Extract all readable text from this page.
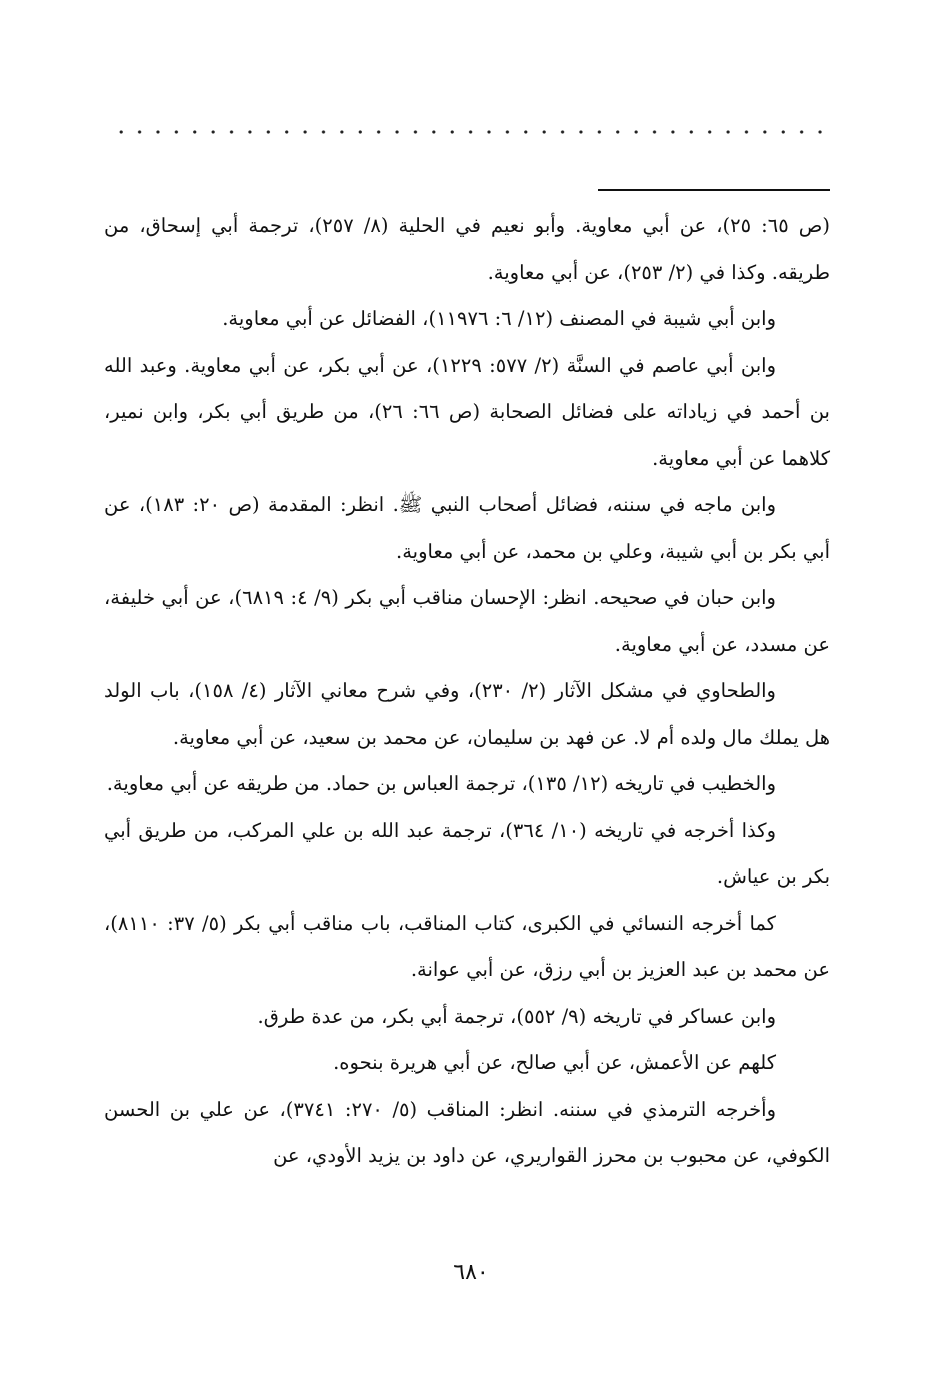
(ص ٦٥: ٢٥)، عن أبي معاوية. وأبو نعيم في الحلية (٨/ ٢٥٧)، ترجمة أبي إسحاق، من طريقه. وكذا في (٢/ ٢٥٣)، عن أبي معاوية.

وابن أبي شيبة في المصنف (١٢/ ٦: ١١٩٧٦)، الفضائل عن أبي معاوية.

وابن أبي عاصم في السنَّة (٢/ ٥٧٧: ١٢٢٩)، عن أبي بكر، عن أبي معاوية. وعبد الله بن أحمد في زياداته على فضائل الصحابة (ص ٦٦: ٢٦)، من طريق أبي بكر، وابن نمير، كلاهما عن أبي معاوية.

وابن ماجه في سننه، فضائل أصحاب النبي ﷺ. انظر: المقدمة (ص ٢٠: ١٨٣)، عن أبي بكر بن أبي شيبة، وعلي بن محمد، عن أبي معاوية.

وابن حبان في صحيحه. انظر: الإحسان مناقب أبي بكر (٩/ ٤: ٦٨١٩)، عن أبي خليفة، عن مسدد، عن أبي معاوية.

والطحاوي في مشكل الآثار (٢/ ٢٣٠)، وفي شرح معاني الآثار (٤/ ١٥٨)، باب الولد هل يملك مال ولده أم لا. عن فهد بن سليمان، عن محمد بن سعيد، عن أبي معاوية.

والخطيب في تاريخه (١٢/ ١٣٥)، ترجمة العباس بن حماد. من طريقه عن أبي معاوية.

وكذا أخرجه في تاريخه (١٠/ ٣٦٤)، ترجمة عبد الله بن علي المركب، من طريق أبي بكر بن عياش.

كما أخرجه النسائي في الكبرى، كتاب المناقب، باب مناقب أبي بكر (٥/ ٣٧: ٨١١٠)، عن محمد بن عبد العزيز بن أبي رزق، عن أبي عوانة.

وابن عساكر في تاريخه (٩/ ٥٥٢)، ترجمة أبي بكر، من عدة طرق.

كلهم عن الأعمش، عن أبي صالح، عن أبي هريرة بنحوه.

وأخرجه الترمذي في سننه. انظر: المناقب (٥/ ٢٧٠: ٣٧٤١)، عن علي بن الحسن الكوفي، عن محبوب بن محرز القواريري، عن داود بن يزيد الأودي، عن

٦٨٠
